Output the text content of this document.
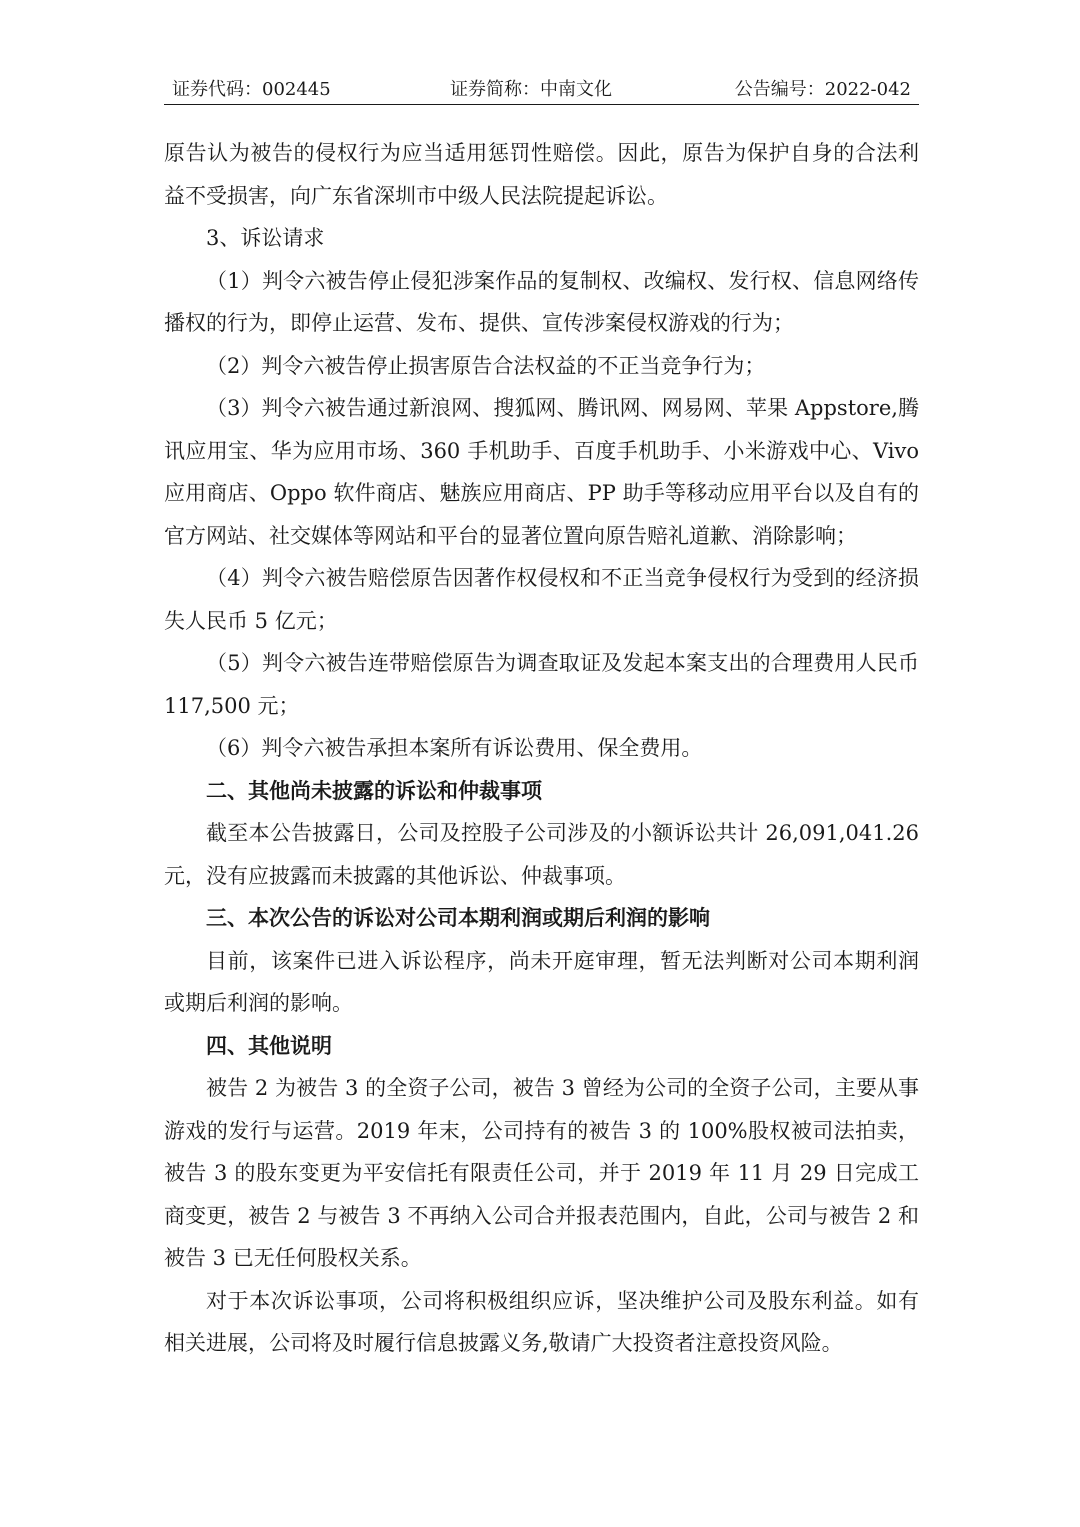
证券代码：002445	证券简称：中南文化	公告编号：2022-042

原告认为被告的侵权行为应当适用惩罚性赔偿。因此，原告为保护自身的合法利益不受损害，向广东省深圳市中级人民法院提起诉讼。

3、诉讼请求

（1）判令六被告停止侵犯涉案作品的复制权、改编权、发行权、信息网络传播权的行为，即停止运营、发布、提供、宣传涉案侵权游戏的行为；

（2）判令六被告停止损害原告合法权益的不正当竞争行为；

（3）判令六被告通过新浪网、搜狐网、腾讯网、网易网、苹果 Appstore,腾讯应用宝、华为应用市场、360 手机助手、百度手机助手、小米游戏中心、Vivo应用商店、Oppo 软件商店、魅族应用商店、PP 助手等移动应用平台以及自有的官方网站、社交媒体等网站和平台的显著位置向原告赔礼道歉、消除影响；

（4）判令六被告赔偿原告因著作权侵权和不正当竞争侵权行为受到的经济损失人民币 5 亿元；

（5）判令六被告连带赔偿原告为调查取证及发起本案支出的合理费用人民币 117,500 元；

（6）判令六被告承担本案所有诉讼费用、保全费用。

二、其他尚未披露的诉讼和仲裁事项

截至本公告披露日，公司及控股子公司涉及的小额诉讼共计 26,091,041.26元，没有应披露而未披露的其他诉讼、仲裁事项。

三、本次公告的诉讼对公司本期利润或期后利润的影响

目前，该案件已进入诉讼程序，尚未开庭审理，暂无法判断对公司本期利润或期后利润的影响。

四、其他说明

被告 2 为被告 3 的全资子公司，被告 3 曾经为公司的全资子公司，主要从事游戏的发行与运营。2019 年末，公司持有的被告 3 的 100%股权被司法拍卖，被告 3 的股东变更为平安信托有限责任公司，并于 2019 年 11 月 29 日完成工商变更，被告 2 与被告 3 不再纳入公司合并报表范围内，自此，公司与被告 2 和被告 3 已无任何股权关系。

对于本次诉讼事项，公司将积极组织应诉，坚决维护公司及股东利益。如有相关进展，公司将及时履行信息披露义务,敬请广大投资者注意投资风险。
